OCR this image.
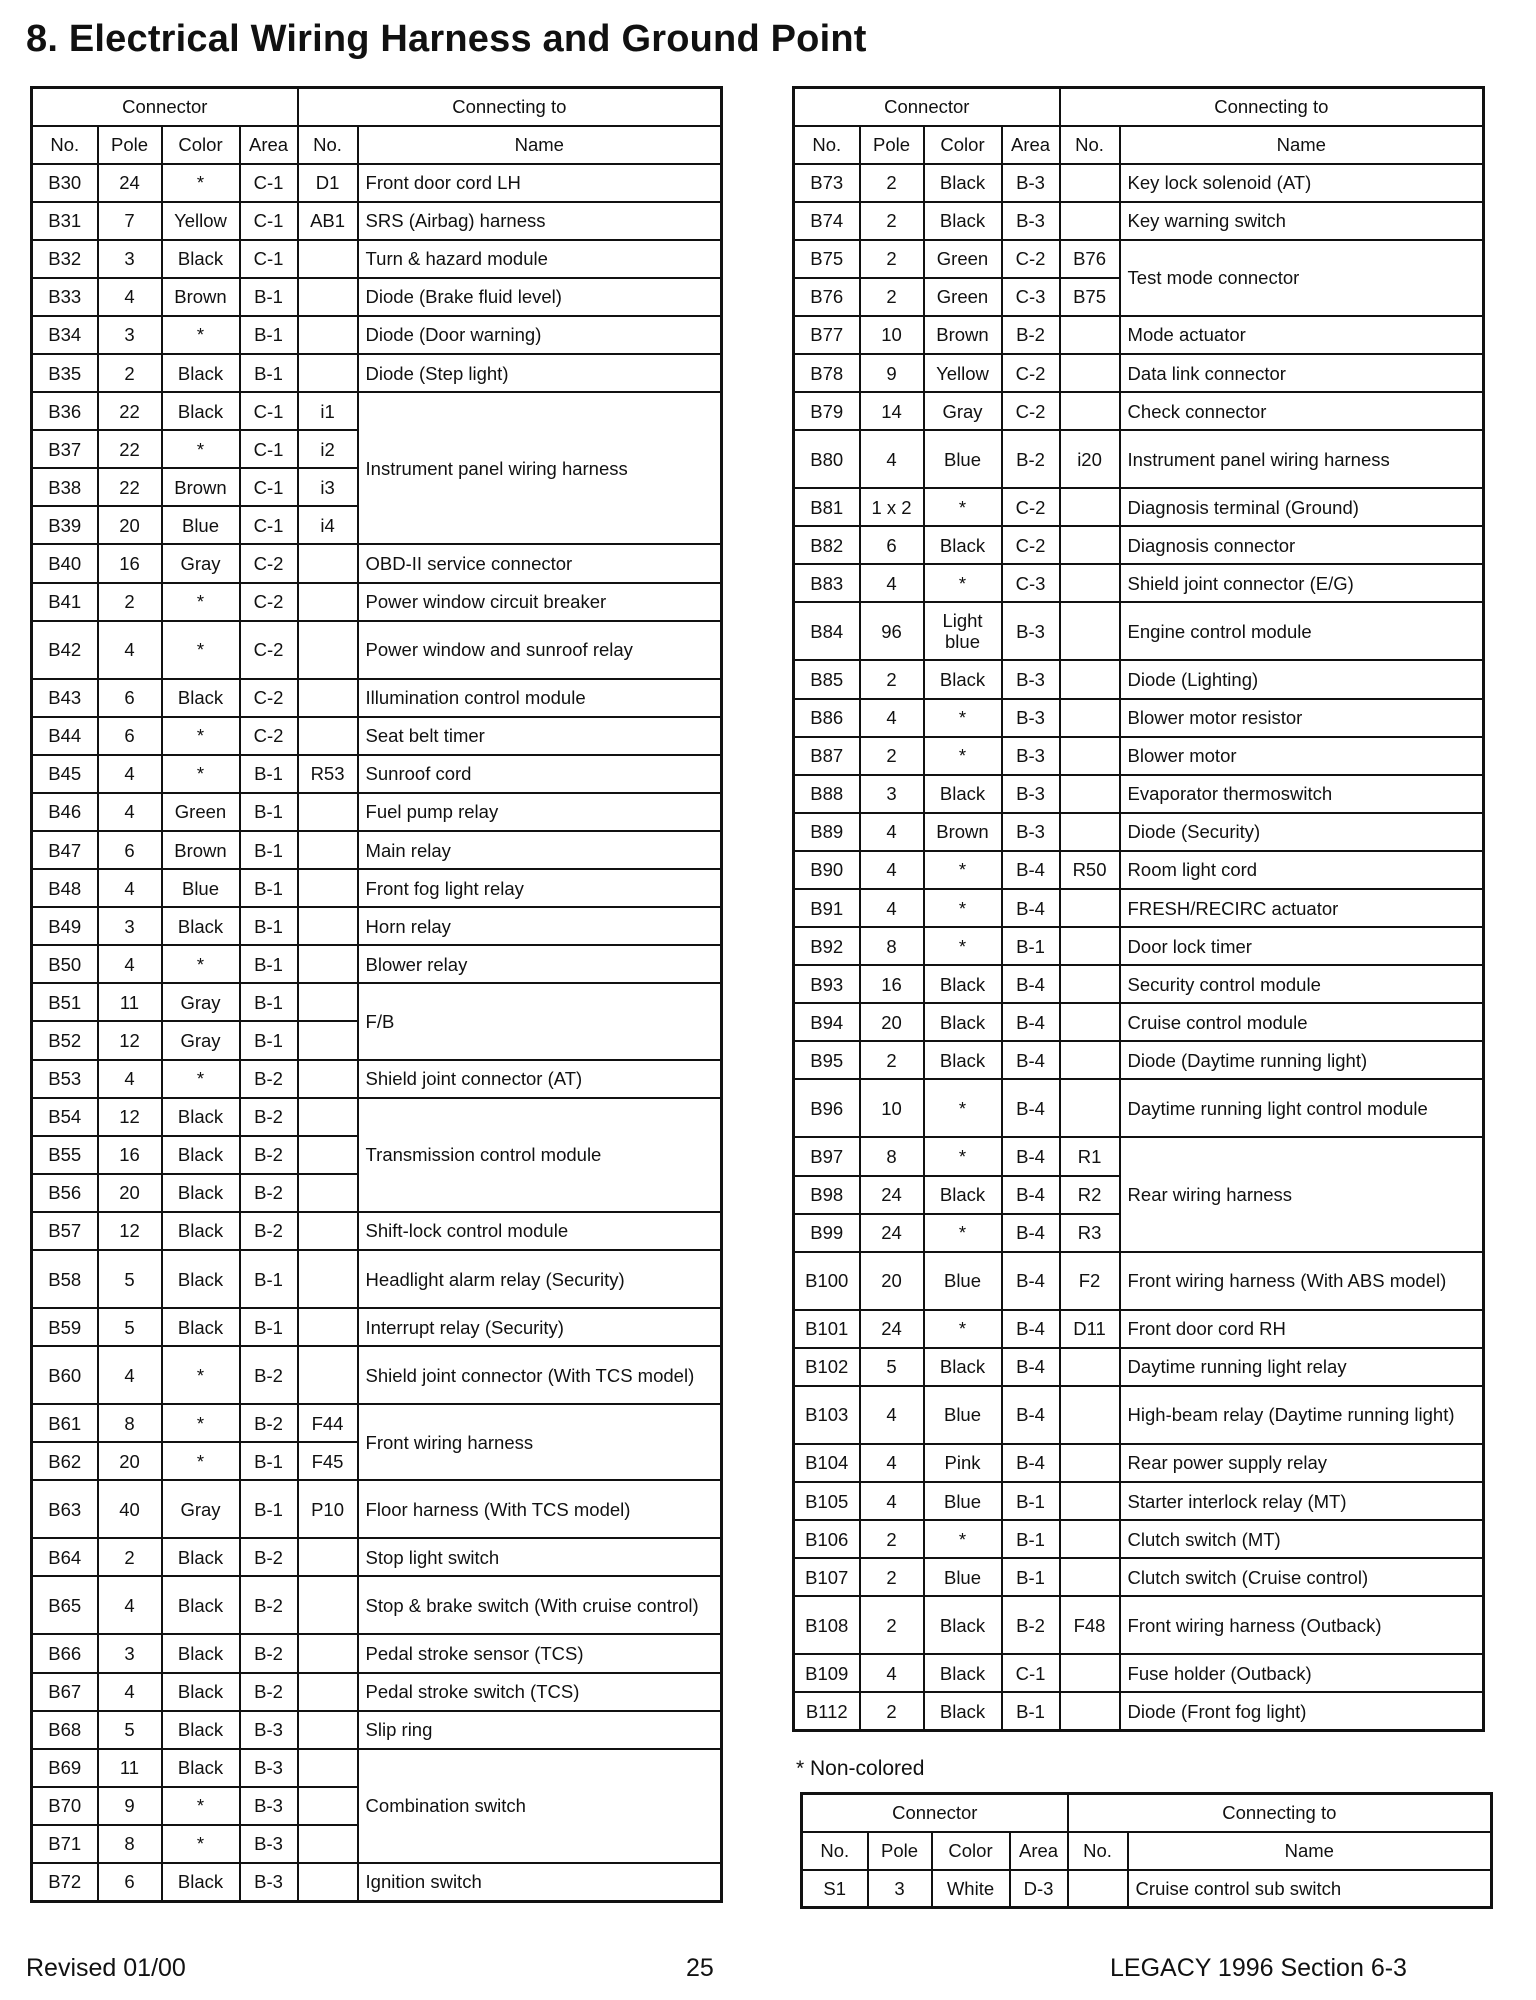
8. Electrical Wiring Harness and Ground Point
Connector				Connecting to	
No.	Pole	Color	Area	No.	Name
B30	24	*	C-1	D1	Front door cord LH
B31	7	Yellow	C-1	AB1	SRS (Airbag) harness
B32	3	Black	C-1		Turn & hazard module
B33	4	Brown	B-1		Diode (Brake fluid level)
B34	3	*	B-1		Diode (Door warning)
B35	2	Black	B-1		Diode (Step light)
B36	22	Black	C-1	i1	Instrument panel wiring harness
B37	22	*	C-1	i2	
B38	22	Brown	C-1	i3	
B39	20	Blue	C-1	i4	
B40	16	Gray	C-2		OBD-II service connector
B41	2	*	C-2		Power window circuit breaker
B42	4	*	C-2		Power window and sunroof relay
B43	6	Black	C-2		Illumination control module
B44	6	*	C-2		Seat belt timer
B45	4	*	B-1	R53	Sunroof cord
B46	4	Green	B-1		Fuel pump relay
B47	6	Brown	B-1		Main relay
B48	4	Blue	B-1		Front fog light relay
B49	3	Black	B-1		Horn relay
B50	4	*	B-1		Blower relay
B51	11	Gray	B-1		F/B
B52	12	Gray	B-1		
B53	4	*	B-2		Shield joint connector (AT)
B54	12	Black	B-2		Transmission control module
B55	16	Black	B-2		
B56	20	Black	B-2		
B57	12	Black	B-2		Shift-lock control module
B58	5	Black	B-1		Headlight alarm relay (Security)
B59	5	Black	B-1		Interrupt relay (Security)
B60	4	*	B-2		Shield joint connector (With TCS model)
B61	8	*	B-2	F44	Front wiring harness
B62	20	*	B-1	F45	
B63	40	Gray	B-1	P10	Floor harness (With TCS model)
B64	2	Black	B-2		Stop light switch
B65	4	Black	B-2		Stop & brake switch (With cruise control)
B66	3	Black	B-2		Pedal stroke sensor (TCS)
B67	4	Black	B-2		Pedal stroke switch (TCS)
B68	5	Black	B-3		Slip ring
B69	11	Black	B-3		Combination switch
B70	9	*	B-3		
B71	8	*	B-3		
B72	6	Black	B-3		Ignition switch
Connector				Connecting to	
No.	Pole	Color	Area	No.	Name
B73	2	Black	B-3		Key lock solenoid (AT)
B74	2	Black	B-3		Key warning switch
B75	2	Green	C-2	B76	Test mode connector
B76	2	Green	C-3	B75	
B77	10	Brown	B-2		Mode actuator
B78	9	Yellow	C-2		Data link connector
B79	14	Gray	C-2		Check connector
B80	4	Blue	B-2	i20	Instrument panel wiring harness
B81	1 x 2	*	C-2		Diagnosis terminal (Ground)
B82	6	Black	C-2		Diagnosis connector
B83	4	*	C-3		Shield joint connector (E/G)
B84	96	Light blue	B-3		Engine control module
B85	2	Black	B-3		Diode (Lighting)
B86	4	*	B-3		Blower motor resistor
B87	2	*	B-3		Blower motor
B88	3	Black	B-3		Evaporator thermoswitch
B89	4	Brown	B-3		Diode (Security)
B90	4	*	B-4	R50	Room light cord
B91	4	*	B-4		FRESH/RECIRC actuator
B92	8	*	B-1		Door lock timer
B93	16	Black	B-4		Security control module
B94	20	Black	B-4		Cruise control module
B95	2	Black	B-4		Diode (Daytime running light)
B96	10	*	B-4		Daytime running light control module
B97	8	*	B-4	R1	Rear wiring harness
B98	24	Black	B-4	R2	
B99	24	*	B-4	R3	
B100	20	Blue	B-4	F2	Front wiring harness (With ABS model)
B101	24	*	B-4	D11	Front door cord RH
B102	5	Black	B-4		Daytime running light relay
B103	4	Blue	B-4		High-beam relay (Daytime running light)
B104	4	Pink	B-4		Rear power supply relay
B105	4	Blue	B-1		Starter interlock relay (MT)
B106	2	*	B-1		Clutch switch (MT)
B107	2	Blue	B-1		Clutch switch (Cruise control)
B108	2	Black	B-2	F48	Front wiring harness (Outback)
B109	4	Black	C-1		Fuse holder (Outback)
B112	2	Black	B-1		Diode (Front fog light)
* Non-colored
Connector				Connecting to	
No.	Pole	Color	Area	No.	Name
S1	3	White	D-3		Cruise control sub switch
Revised 01/00	25	LEGACY 1996 Section 6-3
